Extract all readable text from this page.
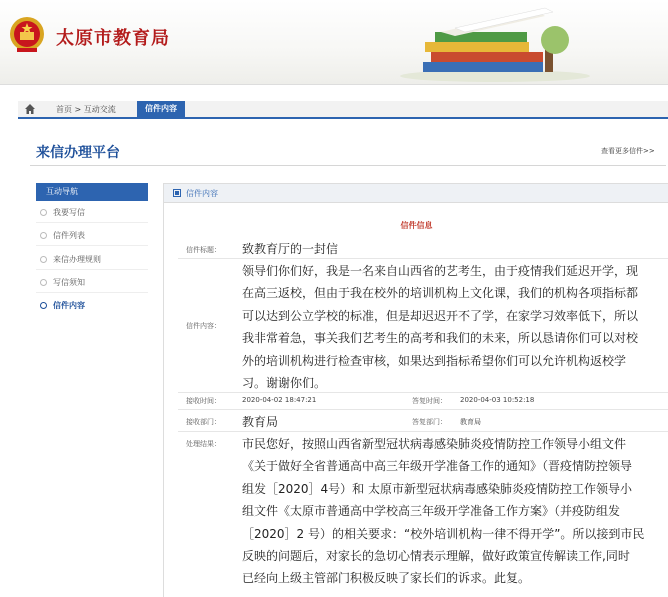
太原市教育局
首页 > 互动交流	信件内容
来信办理平台	查看更多信件>>
互动导航
我要写信
信件列表
来信办理规则
写信须知
信件内容
信件内容
信件信息
信件标题： 致教育厅的一封信
信件内容：
领导们你们好，我是一名来自山西省的艺考生，由于疫情我们延迟开学，现
在高三返校，但由于我在校外的培训机构上文化课，我们的机构各项指标都
可以达到公立学校的标准，但是却迟迟开不了学，在家学习效率低下，所以
我非常着急，事关我们艺考生的高考和我们的未来，所以恳请你们可以对校
外的培训机构进行检查审核，如果达到指标希望你们可以允许机构返校学
习。谢谢你们。
接收时间：	2020-04-02 18:47:21	答复时间： 2020-04-03 10:52:18
接收部门： 教育局	答复部门： 教育局
处理结果： 市民您好，按照山西省新型冠状病毒感染肺炎疫情防控工作领导小组文件
《关于做好全省普通高中高三年级开学准备工作的通知》（晋疫情防控领导
组发［2020］4号）和 太原市新型冠状病毒感染肺炎疫情防控工作领导小
组文件《太原市普通高中学校高三年级开学准备工作方案》（并疫防组发
［2020］2 号）的相关要求：“校外培训机构一律不得开学”。所以接到市民
反映的问题后，对家长的急切心情表示理解，做好政策宣传解读工作,同时
已经向上级主管部门积极反映了家长们的诉求。此复。
